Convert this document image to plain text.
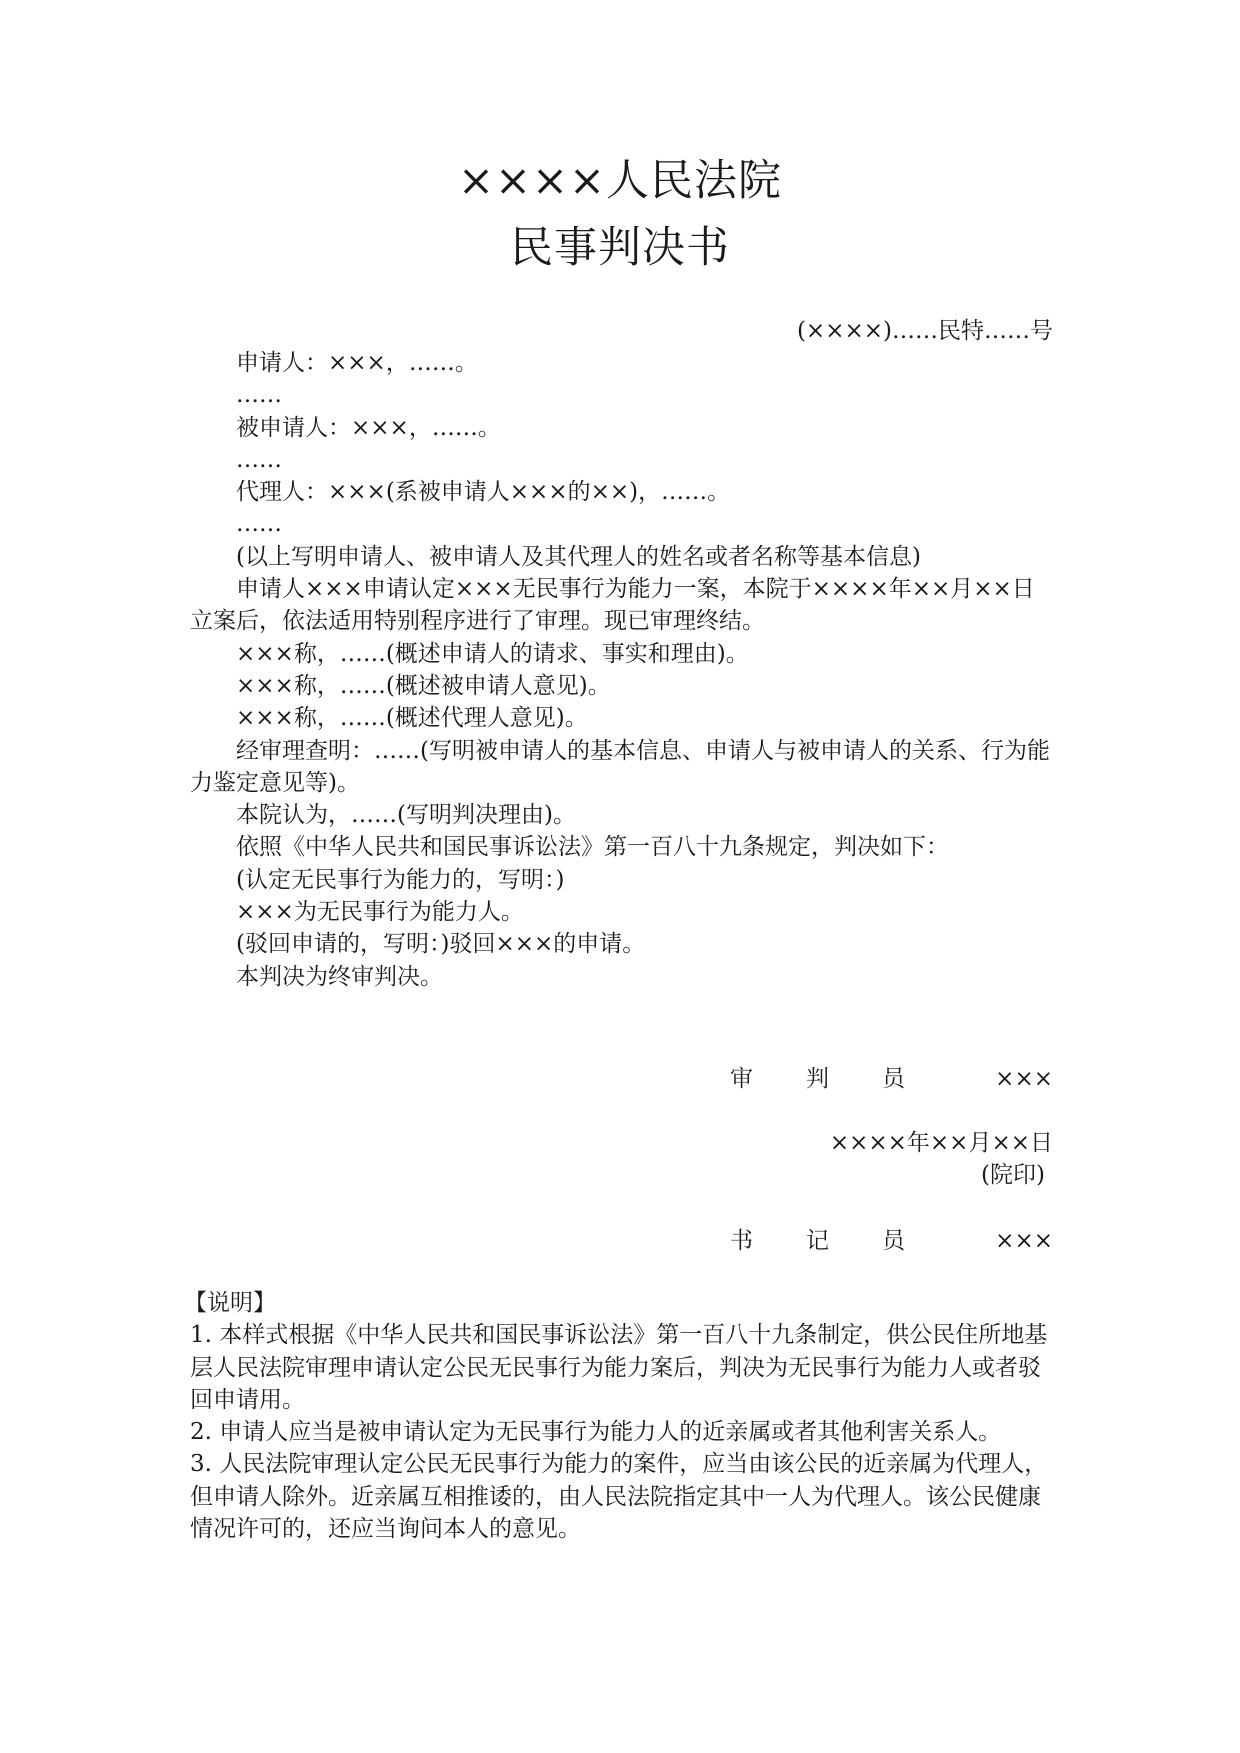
××××人民法院
民事判决书
(××××)……民特……号

申请人：×××，……。

……

被申请人：×××，……。

……

代理人：×××(系被申请人×××的××)，……。

……

(以上写明申请人、被申请人及其代理人的姓名或者名称等基本信息)

申请人×××申请认定×××无民事行为能力一案，本院于××××年××月××日立案后，依法适用特别程序进行了审理。现已审理终结。

×××称，……(概述申请人的请求、事实和理由)。

×××称，……(概述被申请人意见)。

×××称，……(概述代理人意见)。

经审理查明：……(写明被申请人的基本信息、申请人与被申请人的关系、行为能力鉴定意见等)。

本院认为，……(写明判决理由)。

依照《中华人民共和国民事诉讼法》第一百八十九条规定，判决如下：

(认定无民事行为能力的，写明：)

×××为无民事行为能力人。

(驳回申请的，写明：)驳回×××的申请。

本判决为终审判决。

审 判 员	×××
××××年××月××日
(院印)
书 记 员	×××

【说明】

1. 本样式根据《中华人民共和国民事诉讼法》第一百八十九条制定，供公民住所地基层人民法院审理申请认定公民无民事行为能力案后，判决为无民事行为能力人或者驳回申请用。

2. 申请人应当是被申请认定为无民事行为能力人的近亲属或者其他利害关系人。

3. 人民法院审理认定公民无民事行为能力的案件，应当由该公民的近亲属为代理人，但申请人除外。近亲属互相推诿的，由人民法院指定其中一人为代理人。该公民健康情况许可的，还应当询问本人的意见。
